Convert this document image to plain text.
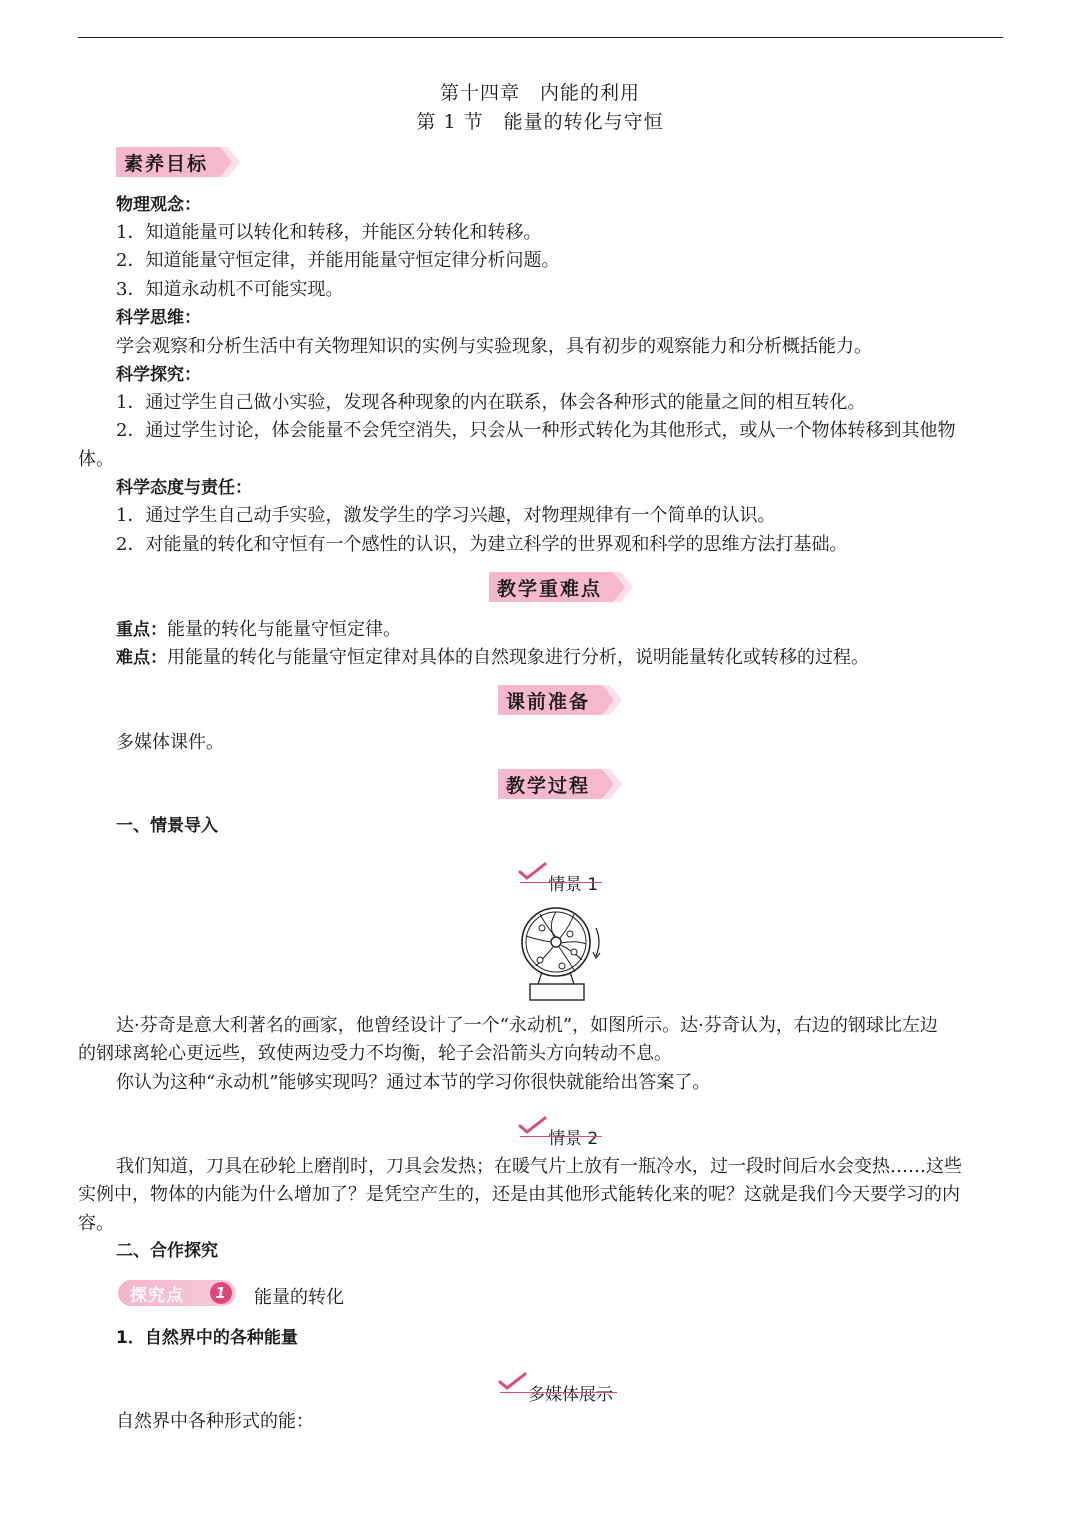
第十四章　内能的利用
第 1 节　能量的转化与守恒
素养目标
物理观念：
1．知道能量可以转化和转移，并能区分转化和转移。
2．知道能量守恒定律，并能用能量守恒定律分析问题。
3．知道永动机不可能实现。
科学思维：
学会观察和分析生活中有关物理知识的实例与实验现象，具有初步的观察能力和分析概括能力。
科学探究：
1．通过学生自己做小实验，发现各种现象的内在联系，体会各种形式的能量之间的相互转化。
2．通过学生讨论，体会能量不会凭空消失，只会从一种形式转化为其他形式，或从一个物体转移到其他物
体。
科学态度与责任：
1．通过学生自己动手实验，激发学生的学习兴趣，对物理规律有一个简单的认识。
2．对能量的转化和守恒有一个感性的认识，为建立科学的世界观和科学的思维方法打基础。
教学重难点
重点：能量的转化与能量守恒定律。
难点：用能量的转化与能量守恒定律对具体的自然现象进行分析，说明能量转化或转移的过程。
课前准备
多媒体课件。
教学过程
一、情景导入
情景 1
达·芬奇是意大利著名的画家，他曾经设计了一个“永动机”，如图所示。达·芬奇认为，右边的钢球比左边
的钢球离轮心更远些，致使两边受力不均衡，轮子会沿箭头方向转动不息。
你认为这种“永动机”能够实现吗？通过本节的学习你很快就能给出答案了。
情景 2
我们知道，刀具在砂轮上磨削时，刀具会发热；在暖气片上放有一瓶冷水，过一段时间后水会变热……这些
实例中，物体的内能为什么增加了？是凭空产生的，还是由其他形式能转化来的呢？这就是我们今天要学习的内
容。
二、合作探究
探究点	1 能量的转化
1．自然界中的各种能量
多媒体展示
自然界中各种形式的能：
